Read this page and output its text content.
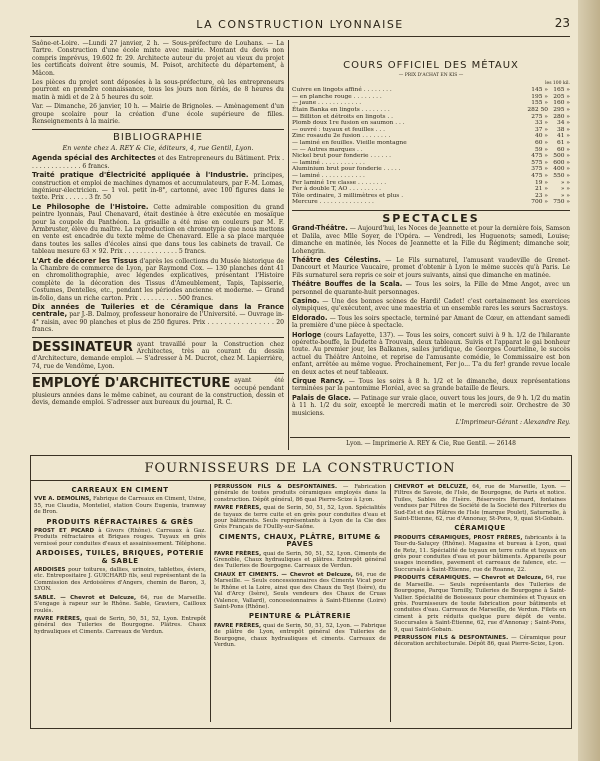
LA CONSTRUCTION LYONNAISE	23

Saône-et-Loire. —Lundi 27 janvier, 2 h. — Sous-préfecture de Louhans. — La Tartre. Construction d'une école mixte avec mairie. Montant du devis non compris imprévus, 19.602 fr. 29. Architecte auteur du projet au vieux du projet les certificats doivent être soumis, M. Poisot, architecte du département, à Mâcon.

Les pièces du projet sont déposées à la sous-préfecture, où les entrepreneurs pourront en prendre connaissance, tous les jours non fériés, de 8 heures du matin à midi et de 2 à 5 heures du soir.

Var. — Dimanche, 26 janvier, 10 h. — Mairie de Brignoles. — Amènagement d'un groupe scolaire pour la création d'une école supérieure de filles. Renseignements à la mairie.

BIBLIOGRAPHIE
En vente chez A. REY & Cie, éditeurs, 4, rue Gentil, Lyon.

Agenda spécial des Architectes et des Entrepreneurs du Bâtiment. Prix . . . . . . . . . . . . . . 6 francs.

Traité pratique d'Électricité appliquée à l'Industrie. principes, construction et emploi de machines dynamos et accumulateurs, par F.-M. Lomas, ingénieur-électricien. — 1 vol. petit in-8°, cartonné, avec 100 figures dans le texte. Prix . . . . . . 3 fr. 50

Le Philosophe de l'Histoire. Cette admirable composition du grand peintre lyonnais, Paul Chenavard, était destinée à être exécutée en mosaïque pour la coupole du Panthéon. La grisaille a été mise en couleurs par M. F. Armbruster, élève du maître. La reproduction en chromotypie que nous mettons en vente est encadrée du texte même de Chenavard. Elle a sa place marquée dans toutes les salles d'écoles ainsi que dans tous les cabinets de travail. Ce tableau mesure 63 × 92. Prix . . . . . . . . . . . . . . 5 francs.

L'Art de décorer les Tissus d'après les collections du Musée historique de la Chambre de commerce de Lyon, par Raymond Cox. — 130 planches dont 41 en chromolithographie, avec légendes explicatives, présentant l'Histoire complète de la décoration des Tissus d'Ameublement, Tapis, Tapisserie, Costumes, Dentelles, etc., pendant les périodes ancienne et moderne. — Grand in-folio, dans un riche carton. Prix . . . . . . . . . . 500 francs.

Dix années de Tuileries et de Céramique dans la France centrale, par J.-B. Dalmoy, professeur honoraire de l'Université. — Ouvrage in-4° raisin, avec 90 planches et plus de 250 figures. Prix . . . . . . . . . . . . . . . . 20 francs.

DESSINATEUR ayant travaillé pour la Construction chez Architectes, très au courant du dessin d'Architecture, demande emploi. — S'adresser à M. Ducrot, chez M. Lapierrière, 74, rue de Vendôme, Lyon.
EMPLOYÉ D'ARCHITECTURE ayant été occupé pendant plusieurs années dans le même cabinet, au courant de la construction, dessin et devis, demande emploi. S'adresser aux bureaux du journal, R. C.
COURS OFFICIEL DES MÉTAUX
— PRIX D'ACHAT EN KIS —
les 100 kil.
Cuivre en lingots affiné . . . . . . . .	145 »	165 »
— en planche rouge . . . . . . . .	195 »	205 »
— jaune . . . . . . . . . . . .	155 »	160 »
Étain Banka en lingots . . . . . . . .	282 50	295 »
— Billiton et détroits en lingots . .	275 »	280 »
Plomb doux 1re fusion en saumon . . .	33 »	34 »
— ouvré : tuyaux et feuilles . . .	37 »	38 »
Zinc rosaudu 2e fusion . . . . . . . .	40 »	41 »
— laminé en feuilles. Vieille montagne	60 »	61 »
— — Autres marques . .	59 »	60 »
Nickel brut pour fonderie . . . . . .	475 »	500 »
— laminé . . . . . . . . . . . .	575 »	600 »
Aluminium brut pour fonderie . . . . .	375 »	400 »
— laminé . . . . . . . . . . . .	475 »	550 »
Fer laminé 1re classe . . . . . . . .	19 »	» »
Fer à double T, AO . . . . . . . . .	21 »	» »
Tôle ordinaire, 3 millimètres et plus .	23 »	» »
Mercure . . . . . . . . . . . . . . .	700 »	750 »
SPECTACLES

Grand-Théâtre. — Aujourd'hui, les Noces de Jeannette et pour la dernière fois, Samson et Dalila, avec Mlle Soyer, de l'Opéra. — Vendredi, les Huguenots; samedi, Louise; dimanche en matinée, les Noces de Jeannette et la Fille du Régiment; dimanche soir, Lohengrin.

Théâtre des Célestins. — Le Fils surnaturel, l'amusant vaudeville de Grenet-Dancourt et Maurice Vaucaire, promet d'obtenir à Lyon le même succès qu'à Paris. Le Fils surnaturel sera repris ce soir et jours suivants, ainsi que dimanche en matinée.

Théâtre Bouffes de la Scala. — Tous les soirs, la Fille de Mme Angot, avec un personnel de quarante-huit personnages.

Casino. — Une des bonnes scènes de Hardi! Cadet! c'est certainement les exercices olympiques, qu'exécutent, avec une maestria et un ensemble rares les sœurs Sacrastoys.

Eldorado. — Tous les soirs spectacle, terminé par Amant de Cœur, en attendant samedi la première d'une pièce à spectacle.

Horloge (cours Lafayette, 137). — Tous les soirs, concert suivi à 9 h. 1/2 de l'hilarante opérette-bouffe, la Dudette à Trouvain, deux tableaux. Suivis et l'apparat le gai bonheur toute. Au premier jour, les Balkanes, sailes juridique, de Georges Courteline, le succès actuel du Théâtre Antoine, et reprise de l'amusante comédie, le Commissaire est bon enfant, arrêtée au même vogue. Prochainement, Fer jo... T'a du fer! grande revue locale en deux actes et neuf tableaux.

Cirque Rancy. — Tous les soirs à 8 h. 1/2 et le dimanche, deux représentations terminées par la pantomime Floréal, avec sa grande bataille de fleurs.

Palais de Glace. — Patinage sur vraie glace, ouvert tous les jours, de 9 h. 1/2 du matin à 11 h. 1/2 du soir, excepté le mercredi matin et le mercredi soir. Orchestre de 30 musiciens.

L'Imprimeur-Gérant : Alexandre Rey.
Lyon. — Imprimerie A. REY & Cie, Rue Gentil. — 26148
FOURNISSEURS DE LA CONSTRUCTION
CARREAUX EN CIMENT

VVE A. DEMOLINS, Fabrique de Carreaux en Ciment, Usine, 55, rue Claudia, Monteliel, station Cours Eugenia, tramway de Bron.

PRODUITS RÉFRACTAIRES & GRÈS

PROST ET PICARD à Givors (Rhône). Carreaux à Gaz. Produits réfractaires et Briques rouges. Tuyaux en grès vernissé pour conduites d'eaux et assainissement. Téléphone.

ARDOISES, TUILES, BRIQUES, POTERIE & SABLE

ARDOISES pour toitures, dallies, urinoirs, tablettes, éviers, etc. Entrepositaire J. GUICHARD fils, seul représentant de la Commission des Ardoisières d'Angers, chemin de Baron, 3, LYON.

SABLE. — Chevrot et Delcuze, 64, rue de Marseille. S'engage à rapeur sur le Rhône. Sable, Graviers, Cailloux roulés.

FAVRE FRÈRES, quai de Serin, 50, 51, 52, Lyon. Entrepôt général des Tuileries de Bourgogne. Plâtres. Chaux hydrauliques et Ciments. Carreaux de Verdun.

PERRUSSON FILS & DESFONTAINES. — Fabrication générale de toutes produits céramiques employés dans la construction. Dépôt général, 86 quai Pierre-Scize à Lyon.

FAVRE FRÈRES, quai de Serin, 50, 51, 52, Lyon. Spécialités de tuyaux de terre cuite et en grès pour conduites d'eau et pour bâtiments. Seuls représentants à Lyon de la Cie des Grès Français de l'Oullly-sur-Saône.

CIMENTS, CHAUX, PLÂTRE, BITUME & PAVES

FAVRE FRÈRES, quai de Serin, 50, 51, 52, Lyon. Ciments de Grenoble, Chaux hydrauliques et plâtres. Entrepôt général des Tuileries de Bourgogne. Carreaux de Verdun.

CHAUX ET CIMENTS. — Chevrot et Delcuze, 64, rue de Marseille. — Seuls concessionnaires des Ciments Vicat pour le Rhône et la Loire, ainsi que des Chaux du Teyl (Isère), du Val d'Arcy (Isère), Seuls vendeurs des Chaux de Cruas (Valence, Vallard), concessionnaires à Saint-Étienne (Loire) Saint-Pons (Rhône).

PEINTURE & PLÂTRERIE

FAVRE FRÈRES, quai de Serin, 50, 51, 52, Lyon. — Fabrique de plâtre de Lyon, entrepôt général des Tuileries de Bourgogne, chaux hydrauliques et ciments. Carreaux de Verdun.

CHEVROT et DELCUZE, 64, rue de Marseille, Lyon. — Filtres de Savoie, de l'Isle, de Bourgogne, de Paris et notice. Tuiles, Sables de l'Isère. Réservoirs Bernard, fontaines vendues par Filtres de Société de la Société des Filtreries du Sud-Est et des Plâtres de l'Isle (marque Poulet), Saturnelle, à Saint-Etienne, 62, rue d'Annonay, St-Pons, 9, quai St-Gobain.

CÉRAMIQUE

PRODUITS CÉRAMIQUES, PROST FRÈRES, fabricants à la Tour-du-Saluçey (Rhône). Magasins et bureau à Lyon, quai de Retz, 11. Spécialité de tuyaux en terre cuite et tuyaux en grès pour conduites d'eau et pour bâtiments. Appareils pour usages incendies, pavement et carreaux de faïence, etc. — Succursale à Saint-Étienne, rue de Roanne, 22.

PRODUITS CÉRAMIQUES. — Chevrot et Delcuze, 64, rue de Marseille. — Seuls représentants des Tuileries de Bourgogne, Parque Tornilly, Tuileries de Bourgogne à Saint-Vallier. Spécialité de Boisseaux pour cheminées et Tuyaux en grès. Fournisseurs de toute fabrication pour bâtiments et conduites d'eau. Carreaux de Marseille, de Verdun. Filets en ciment à prix réduits quelque pure dépôt de vente. Succursales à Saint-Étienne, 62, rue d'Annonay ; Saint-Pons, 9, quai Saint-Gobain.

PERRUSSON FILS & DESFONTAINES. — Céramique pour décoration architecturale. Dépôt 86, quai Pierre-Scize, Lyon.
